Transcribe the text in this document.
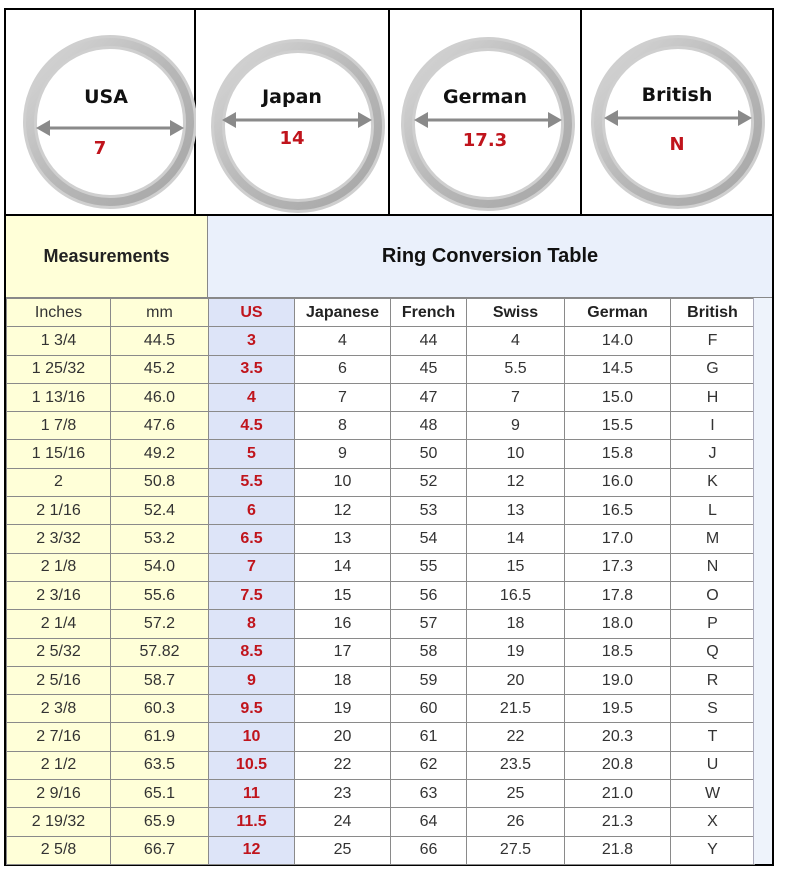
USA
7
Japan
14
German
17.3
British
N
Measurements	Ring Conversion Table
Inches	mm	US	Japanese	French	Swiss	German	British
1 3/4	44.5	3	4	44	4	14.0	F
1 25/32	45.2	3.5	6	45	5.5	14.5	G
1 13/16	46.0	4	7	47	7	15.0	H
1 7/8	47.6	4.5	8	48	9	15.5	I
1 15/16	49.2	5	9	50	10	15.8	J
2	50.8	5.5	10	52	12	16.0	K
2 1/16	52.4	6	12	53	13	16.5	L
2 3/32	53.2	6.5	13	54	14	17.0	M
2 1/8	54.0	7	14	55	15	17.3	N
2 3/16	55.6	7.5	15	56	16.5	17.8	O
2 1/4	57.2	8	16	57	18	18.0	P
2 5/32	57.82	8.5	17	58	19	18.5	Q
2 5/16	58.7	9	18	59	20	19.0	R
2 3/8	60.3	9.5	19	60	21.5	19.5	S
2 7/16	61.9	10	20	61	22	20.3	T
2 1/2	63.5	10.5	22	62	23.5	20.8	U
2 9/16	65.1	11	23	63	25	21.0	W
2 19/32	65.9	11.5	24	64	26	21.3	X
2 5/8	66.7	12	25	66	27.5	21.8	Y
